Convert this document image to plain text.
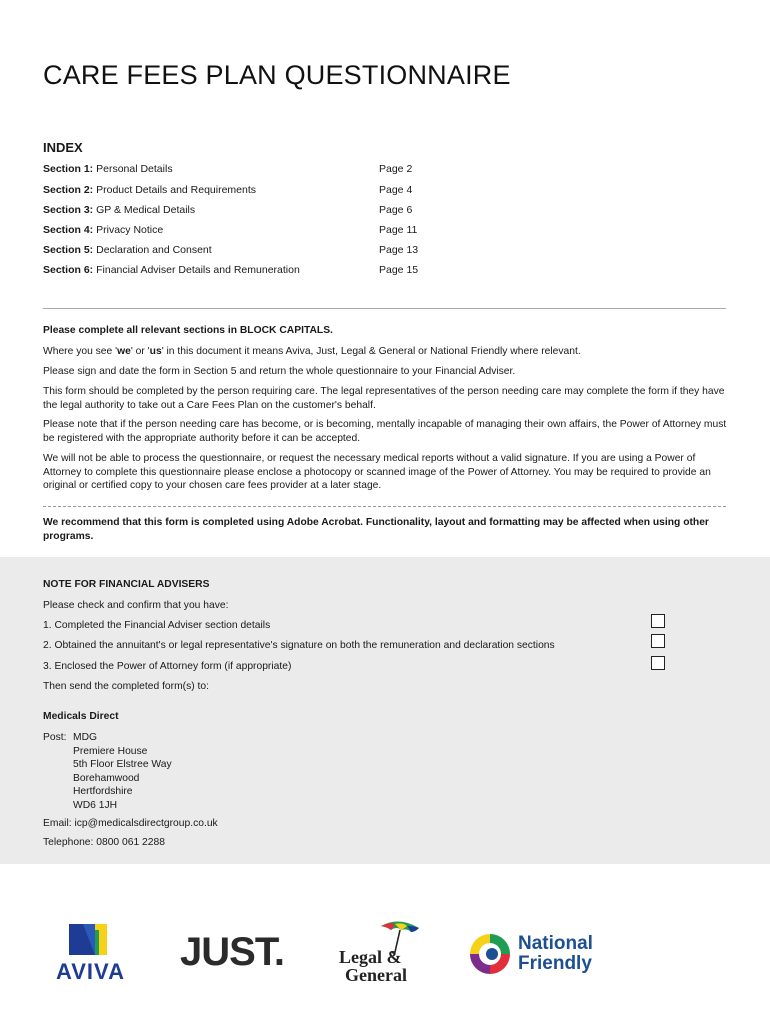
CARE FEES PLAN QUESTIONNAIRE
INDEX
Section 1: Personal Details	Page 2
Section 2: Product Details and Requirements	Page 4
Section 3: GP & Medical Details	Page 6
Section 4: Privacy Notice	Page 11
Section 5: Declaration and Consent	Page 13
Section 6: Financial Adviser Details and Remuneration	Page 15

Please complete all relevant sections in BLOCK CAPITALS.

Where you see 'we' or 'us' in this document it means Aviva, Just, Legal & General or National Friendly where relevant.

Please sign and date the form in Section 5 and return the whole questionnaire to your Financial Adviser.

This form should be completed by the person requiring care. The legal representatives of the person needing care may complete the form if they have the legal authority to take out a Care Fees Plan on the customer's behalf.

Please note that if the person needing care has become, or is becoming, mentally incapable of managing their own affairs, the Power of Attorney must be registered with the appropriate authority before it can be accepted.

We will not be able to process the questionnaire, or request the necessary medical reports without a valid signature. If you are using a Power of Attorney to complete this questionnaire please enclose a photocopy or scanned image of the Power of Attorney. You may be required to provide an original or certified copy to your chosen care fees provider at a later stage.

We recommend that this form is completed using Adobe Acrobat. Functionality, layout and formatting may be affected when using other programs.

NOTE FOR FINANCIAL ADVISERS

Please check and confirm that you have:

1. Completed the Financial Adviser section details

2. Obtained the annuitant's or legal representative's signature on both the remuneration and declaration sections

3. Enclosed the Power of Attorney form (if appropriate)

Then send the completed form(s) to:

Medicals Direct

Post: MDG
Premiere House
5th Floor Elstree Way
Borehamwood
Hertfordshire
WD6 1JH

Email: icp@medicalsdirectgroup.co.uk

Telephone: 0800 061 2288

AVIVA	JUST.	Legal &
General
National
Friendly
